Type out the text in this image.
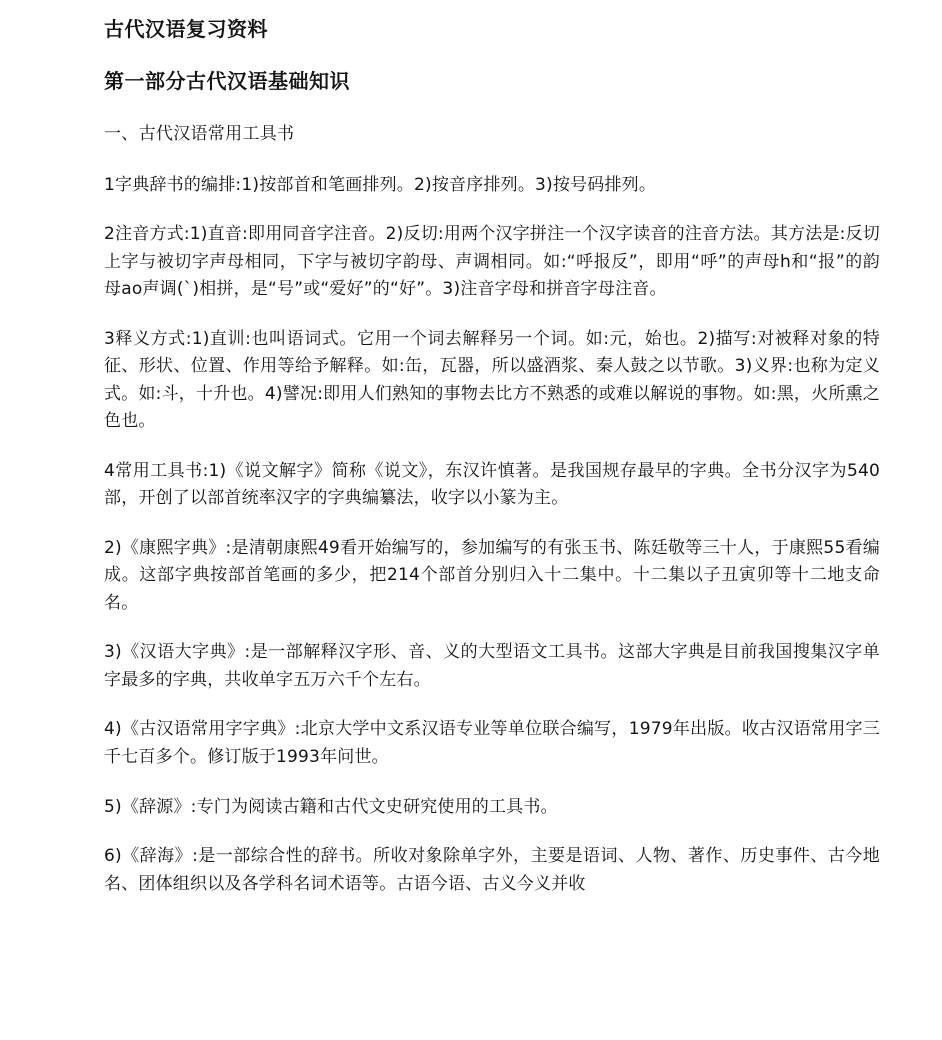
古代汉语复习资料
第一部分古代汉语基础知识
一、古代汉语常用工具书

1字典辞书的编排:1)按部首和笔画排列。2)按音序排列。3)按号码排列。

2注音方式:1)直音:即用同音字注音。2)反切:用两个汉字拼注一个汉字读音的注音方法。其方法是:反切上字与被切字声母相同，下字与被切字韵母、声调相同。如:“呼报反”，即用“呼”的声母h和“报”的韵母ao声调(`)相拼，是“号”或“爱好”的“好”。3)注音字母和拼音字母注音。

3释义方式:1)直训:也叫语词式。它用一个词去解释另一个词。如:元，始也。2)描写:对被释对象的特征、形状、位置、作用等给予解释。如:缶，瓦器，所以盛酒浆、秦人鼓之以节歌。3)义界:也称为定义式。如:斗，十升也。4)譬况:即用人们熟知的事物去比方不熟悉的或难以解说的事物。如:黑，火所熏之色也。

4常用工具书:1)《说文解字》简称《说文》，东汉许慎著。是我国规存最早的字典。全书分汉字为540部，开创了以部首统率汉字的字典编纂法，收字以小篆为主。

2)《康熙字典》:是清朝康熙49看开始编写的，参加编写的有张玉书、陈廷敬等三十人，于康熙55看编成。这部字典按部首笔画的多少，把214个部首分别归入十二集中。十二集以子丑寅卯等十二地支命名。

3)《汉语大字典》:是一部解释汉字形、音、义的大型语文工具书。这部大字典是目前我国搜集汉字单字最多的字典，共收单字五万六千个左右。

4)《古汉语常用字字典》:北京大学中文系汉语专业等单位联合编写，1979年出版。收古汉语常用字三千七百多个。修订版于1993年问世。

5)《辞源》:专门为阅读古籍和古代文史研究使用的工具书。

6)《辞海》:是一部综合性的辞书。所收对象除单字外，主要是语词、人物、著作、历史事件、古今地名、团体组织以及各学科名词术语等。古语今语、古义今义并收
